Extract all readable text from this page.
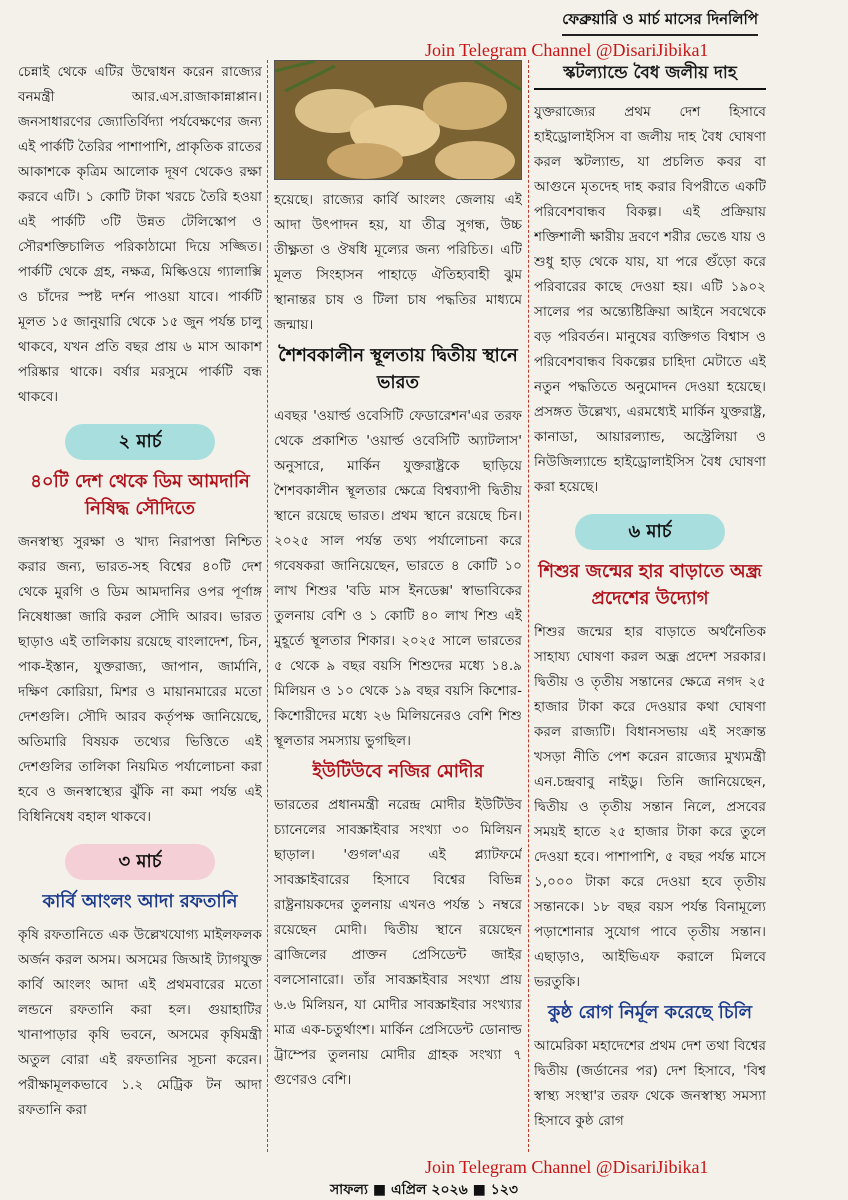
ফেব্রুয়ারি ও মার্চ মাসের দিনলিপি
Join Telegram Channel @DisariJibika1

চেন্নাই থেকে এটির উদ্বোধন করেন রাজ্যের বনমন্ত্রী আর.এস.রাজাকান্নাপ্পান। জনসাধারণের জ্যোতির্বিদ্যা পর্যবেক্ষণের জন্য এই পার্কটি তৈরির পাশাপাশি, প্রাকৃতিক রাতের আকাশকে কৃত্রিম আলোক দূষণ থেকেও রক্ষা করবে এটি। ১ কোটি টাকা খরচে তৈরি হওয়া এই পার্কটি ৩টি উন্নত টেলিস্কোপ ও সৌরশক্তিচালিত পরিকাঠামো দিয়ে সজ্জিত। পার্কটি থেকে গ্রহ, নক্ষত্র, মিল্কিওয়ে গ্যালাক্সি ও চাঁদের স্পষ্ট দর্শন পাওয়া যাবে। পার্কটি মূলত ১৫ জানুয়ারি থেকে ১৫ জুন পর্যন্ত চালু থাকবে, যখন প্রতি বছর প্রায় ৬ মাস আকাশ পরিষ্কার থাকে। বর্ষার মরসুমে পার্কটি বন্ধ থাকবে।

২ মার্চ
৪০টি দেশ থেকে ডিম আমদানি নিষিদ্ধ সৌদিতে

জনস্বাস্থ্য সুরক্ষা ও খাদ্য নিরাপত্তা নিশ্চিত করার জন্য, ভারত-সহ বিশ্বের ৪০টি দেশ থেকে মুরগি ও ডিম আমদানির ওপর পূর্ণাঙ্গ নিষেধাজ্ঞা জারি করল সৌদি আরব। ভারত ছাড়াও এই তালিকায় রয়েছে বাংলাদেশ, চিন, পাক-ইস্তান, যুক্তরাজ্য, জাপান, জার্মানি, দক্ষিণ কোরিয়া, মিশর ও মায়ানমারের মতো দেশগুলি। সৌদি আরব কর্তৃপক্ষ জানিয়েছে, অতিমারি বিষয়ক তথ্যের ভিত্তিতে এই দেশগুলির তালিকা নিয়মিত পর্যালোচনা করা হবে ও জনস্বাস্থ্যের ঝুঁকি না কমা পর্যন্ত এই বিধিনিষেধ বহাল থাকবে।

৩ মার্চ
কার্বি আংলং আদা রফতানি

কৃষি রফতানিতে এক উল্লেখযোগ্য মাইলফলক অর্জন করল অসম। অসমের জিআই ট্যাগযুক্ত কার্বি আংলং আদা এই প্রথমবারের মতো লন্ডনে রফতানি করা হল। গুয়াহাটির খানাপাড়ার কৃষি ভবনে, অসমের কৃষিমন্ত্রী অতুল বোরা এই রফতানির সূচনা করেন। পরীক্ষামূলকভাবে ১.২ মেট্রিক টন আদা রফতানি করা

হয়েছে। রাজ্যের কার্বি আংলং জেলায় এই আদা উৎপাদন হয়, যা তীব্র সুগন্ধ, উচ্চ তীক্ষ্ণতা ও ঔষধি মূল্যের জন্য পরিচিত। এটি মূলত সিংহাসন পাহাড়ে ঐতিহ্যবাহী ঝুম স্থানান্তর চাষ ও টিলা চাষ পদ্ধতির মাধ্যমে জন্মায়।

শৈশবকালীন স্থূলতায় দ্বিতীয় স্থানে ভারত

এবছর 'ওয়ার্ল্ড ওবেসিটি ফেডারেশন'এর তরফ থেকে প্রকাশিত 'ওয়ার্ল্ড ওবেসিটি অ্যাটলাস' অনুসারে, মার্কিন যুক্তরাষ্ট্রকে ছাড়িয়ে শৈশবকালীন স্থূলতার ক্ষেত্রে বিশ্বব্যাপী দ্বিতীয় স্থানে রয়েছে ভারত। প্রথম স্থানে রয়েছে চিন। ২০২৫ সাল পর্যন্ত তথ্য পর্যালোচনা করে গবেষকরা জানিয়েছেন, ভারতে ৪ কোটি ১০ লাখ শিশুর 'বডি মাস ইনডেক্স' স্বাভাবিকের তুলনায় বেশি ও ১ কোটি ৪০ লাখ শিশু এই মুহূর্তে স্থূলতার শিকার। ২০২৫ সালে ভারতের ৫ থেকে ৯ বছর বয়সি শিশুদের মধ্যে ১৪.৯ মিলিয়ন ও ১০ থেকে ১৯ বছর বয়সি কিশোর-কিশোরীদের মধ্যে ২৬ মিলিয়নেরও বেশি শিশু স্থূলতার সমস্যায় ভুগছিল।

ইউটিউবে নজির মোদীর

ভারতের প্রধানমন্ত্রী নরেন্দ্র মোদীর ইউটিউব চ্যানেলের সাবস্ক্রাইবার সংখ্যা ৩০ মিলিয়ন ছাড়াল। 'গুগল'এর এই প্ল্যাটফর্মে সাবস্ক্রাইবারের হিসাবে বিশ্বের বিভিন্ন রাষ্ট্রনায়কদের তুলনায় এখনও পর্যন্ত ১ নম্বরে রয়েছেন মোদী। দ্বিতীয় স্থানে রয়েছেন ব্রাজিলের প্রাক্তন প্রেসিডেন্ট জাইর বলসোনারো। তাঁর সাবস্ক্রাইবার সংখ্যা প্রায় ৬.৬ মিলিয়ন, যা মোদীর সাবস্ক্রাইবার সংখ্যার মাত্র এক-চতুর্থাংশ। মার্কিন প্রেসিডেন্ট ডোনাল্ড ট্রাম্পের তুলনায় মোদীর গ্রাহক সংখ্যা ৭ গুণেরও বেশি।

স্কটল্যান্ডে বৈধ জলীয় দাহ

যুক্তরাজ্যের প্রথম দেশ হিসাবে হাইড্রোলাইসিস বা জলীয় দাহ বৈধ ঘোষণা করল স্কটল্যান্ড, যা প্রচলিত কবর বা আগুনে মৃতদেহ দাহ করার বিপরীতে একটি পরিবেশবান্ধব বিকল্প। এই প্রক্রিয়ায় শক্তিশালী ক্ষারীয় দ্রবণে শরীর ভেঙে যায় ও শুধু হাড় থেকে যায়, যা পরে গুঁড়ো করে পরিবারের কাছে দেওয়া হয়। এটি ১৯০২ সালের পর অন্ত্যেষ্টিক্রিয়া আইনে সবথেকে বড় পরিবর্তন। মানুষের ব্যক্তিগত বিশ্বাস ও পরিবেশবান্ধব বিকল্পের চাহিদা মেটাতে এই নতুন পদ্ধতিতে অনুমোদন দেওয়া হয়েছে। প্রসঙ্গত উল্লেখ্য, এরমধ্যেই মার্কিন যুক্তরাষ্ট্র, কানাডা, আয়ারল্যান্ড, অস্ট্রেলিয়া ও নিউজিল্যান্ডে হাইড্রোলাইসিস বৈধ ঘোষণা করা হয়েছে।

৬ মার্চ
শিশুর জন্মের হার বাড়াতে অন্ধ্র প্রদেশের উদ্যোগ

শিশুর জন্মের হার বাড়াতে অর্থনৈতিক সাহায্য ঘোষণা করল অন্ধ্র প্রদেশ সরকার। দ্বিতীয় ও তৃতীয় সন্তানের ক্ষেত্রে নগদ ২৫ হাজার টাকা করে দেওয়ার কথা ঘোষণা করল রাজ্যটি। বিধানসভায় এই সংক্রান্ত খসড়া নীতি পেশ করেন রাজ্যের মুখ্যমন্ত্রী এন.চন্দ্রবাবু নাইডু। তিনি জানিয়েছেন, দ্বিতীয় ও তৃতীয় সন্তান নিলে, প্রসবের সময়ই হাতে ২৫ হাজার টাকা করে তুলে দেওয়া হবে। পাশাপাশি, ৫ বছর পর্যন্ত মাসে ১,০০০ টাকা করে দেওয়া হবে তৃতীয় সন্তানকে। ১৮ বছর বয়স পর্যন্ত বিনামূল্যে পড়াশোনার সুযোগ পাবে তৃতীয় সন্তান। এছাড়াও, আইভিএফ করালে মিলবে ভরতুকি।

কুষ্ঠ রোগ নির্মূল করেছে চিলি

আমেরিকা মহাদেশের প্রথম দেশ তথা বিশ্বের দ্বিতীয় (জর্ডানের পর) দেশ হিসাবে, 'বিশ্ব স্বাস্থ্য সংস্থা'র তরফ থেকে জনস্বাস্থ্য সমস্যা হিসাবে কুষ্ঠ রোগ

Join Telegram Channel @DisariJibika1
সাফল্য ■ এপ্রিল ২০২৬ ■ ১২৩
